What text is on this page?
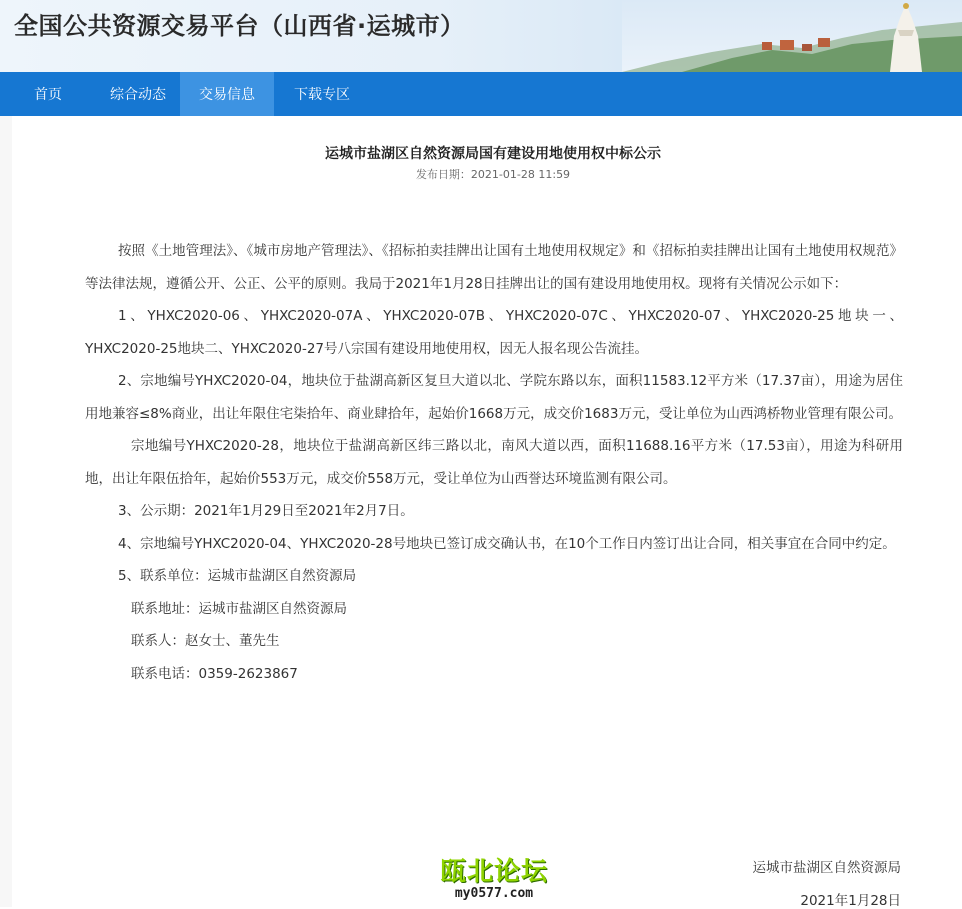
全国公共资源交易平台（山西省·运城市）
首页	综合动态	交易信息	下载专区
运城市盐湖区自然资源局国有建设用地使用权中标公示
发布日期：2021-01-28 11:59

按照《土地管理法》、《城市房地产管理法》、《招标拍卖挂牌出让国有土地使用权规定》和《招标拍卖挂牌出让国有土地使用权规范》等法律法规，遵循公开、公正、公平的原则。我局于2021年1月28日挂牌出让的国有建设用地使用权。现将有关情况公示如下：

1、YHXC2020-06、YHXC2020-07A、YHXC2020-07B、YHXC2020-07C、YHXC2020-07、YHXC2020-25地块一、YHXC2020-25地块二、YHXC2020-27号八宗国有建设用地使用权，因无人报名现公告流挂。

2、宗地编号YHXC2020-04，地块位于盐湖高新区复旦大道以北、学院东路以东，面积11583.12平方米（17.37亩），用途为居住用地兼容≤8%商业，出让年限住宅柒拾年、商业肆拾年，起始价1668万元，成交价1683万元，受让单位为山西鸿桥物业管理有限公司。

宗地编号YHXC2020-28，地块位于盐湖高新区纬三路以北，南风大道以西，面积11688.16平方米（17.53亩），用途为科研用地，出让年限伍拾年，起始价553万元，成交价558万元，受让单位为山西誉达环境监测有限公司。

3、公示期：2021年1月29日至2021年2月7日。

4、宗地编号YHXC2020-04、YHXC2020-28号地块已签订成交确认书，在10个工作日内签订出让合同，相关事宜在合同中约定。

5、联系单位：运城市盐湖区自然资源局

联系地址：运城市盐湖区自然资源局

联系人：赵女士、董先生

联系电话：0359-2623867

运城市盐湖区自然资源局
2021年1月28日
瓯北论坛
my0577.com
